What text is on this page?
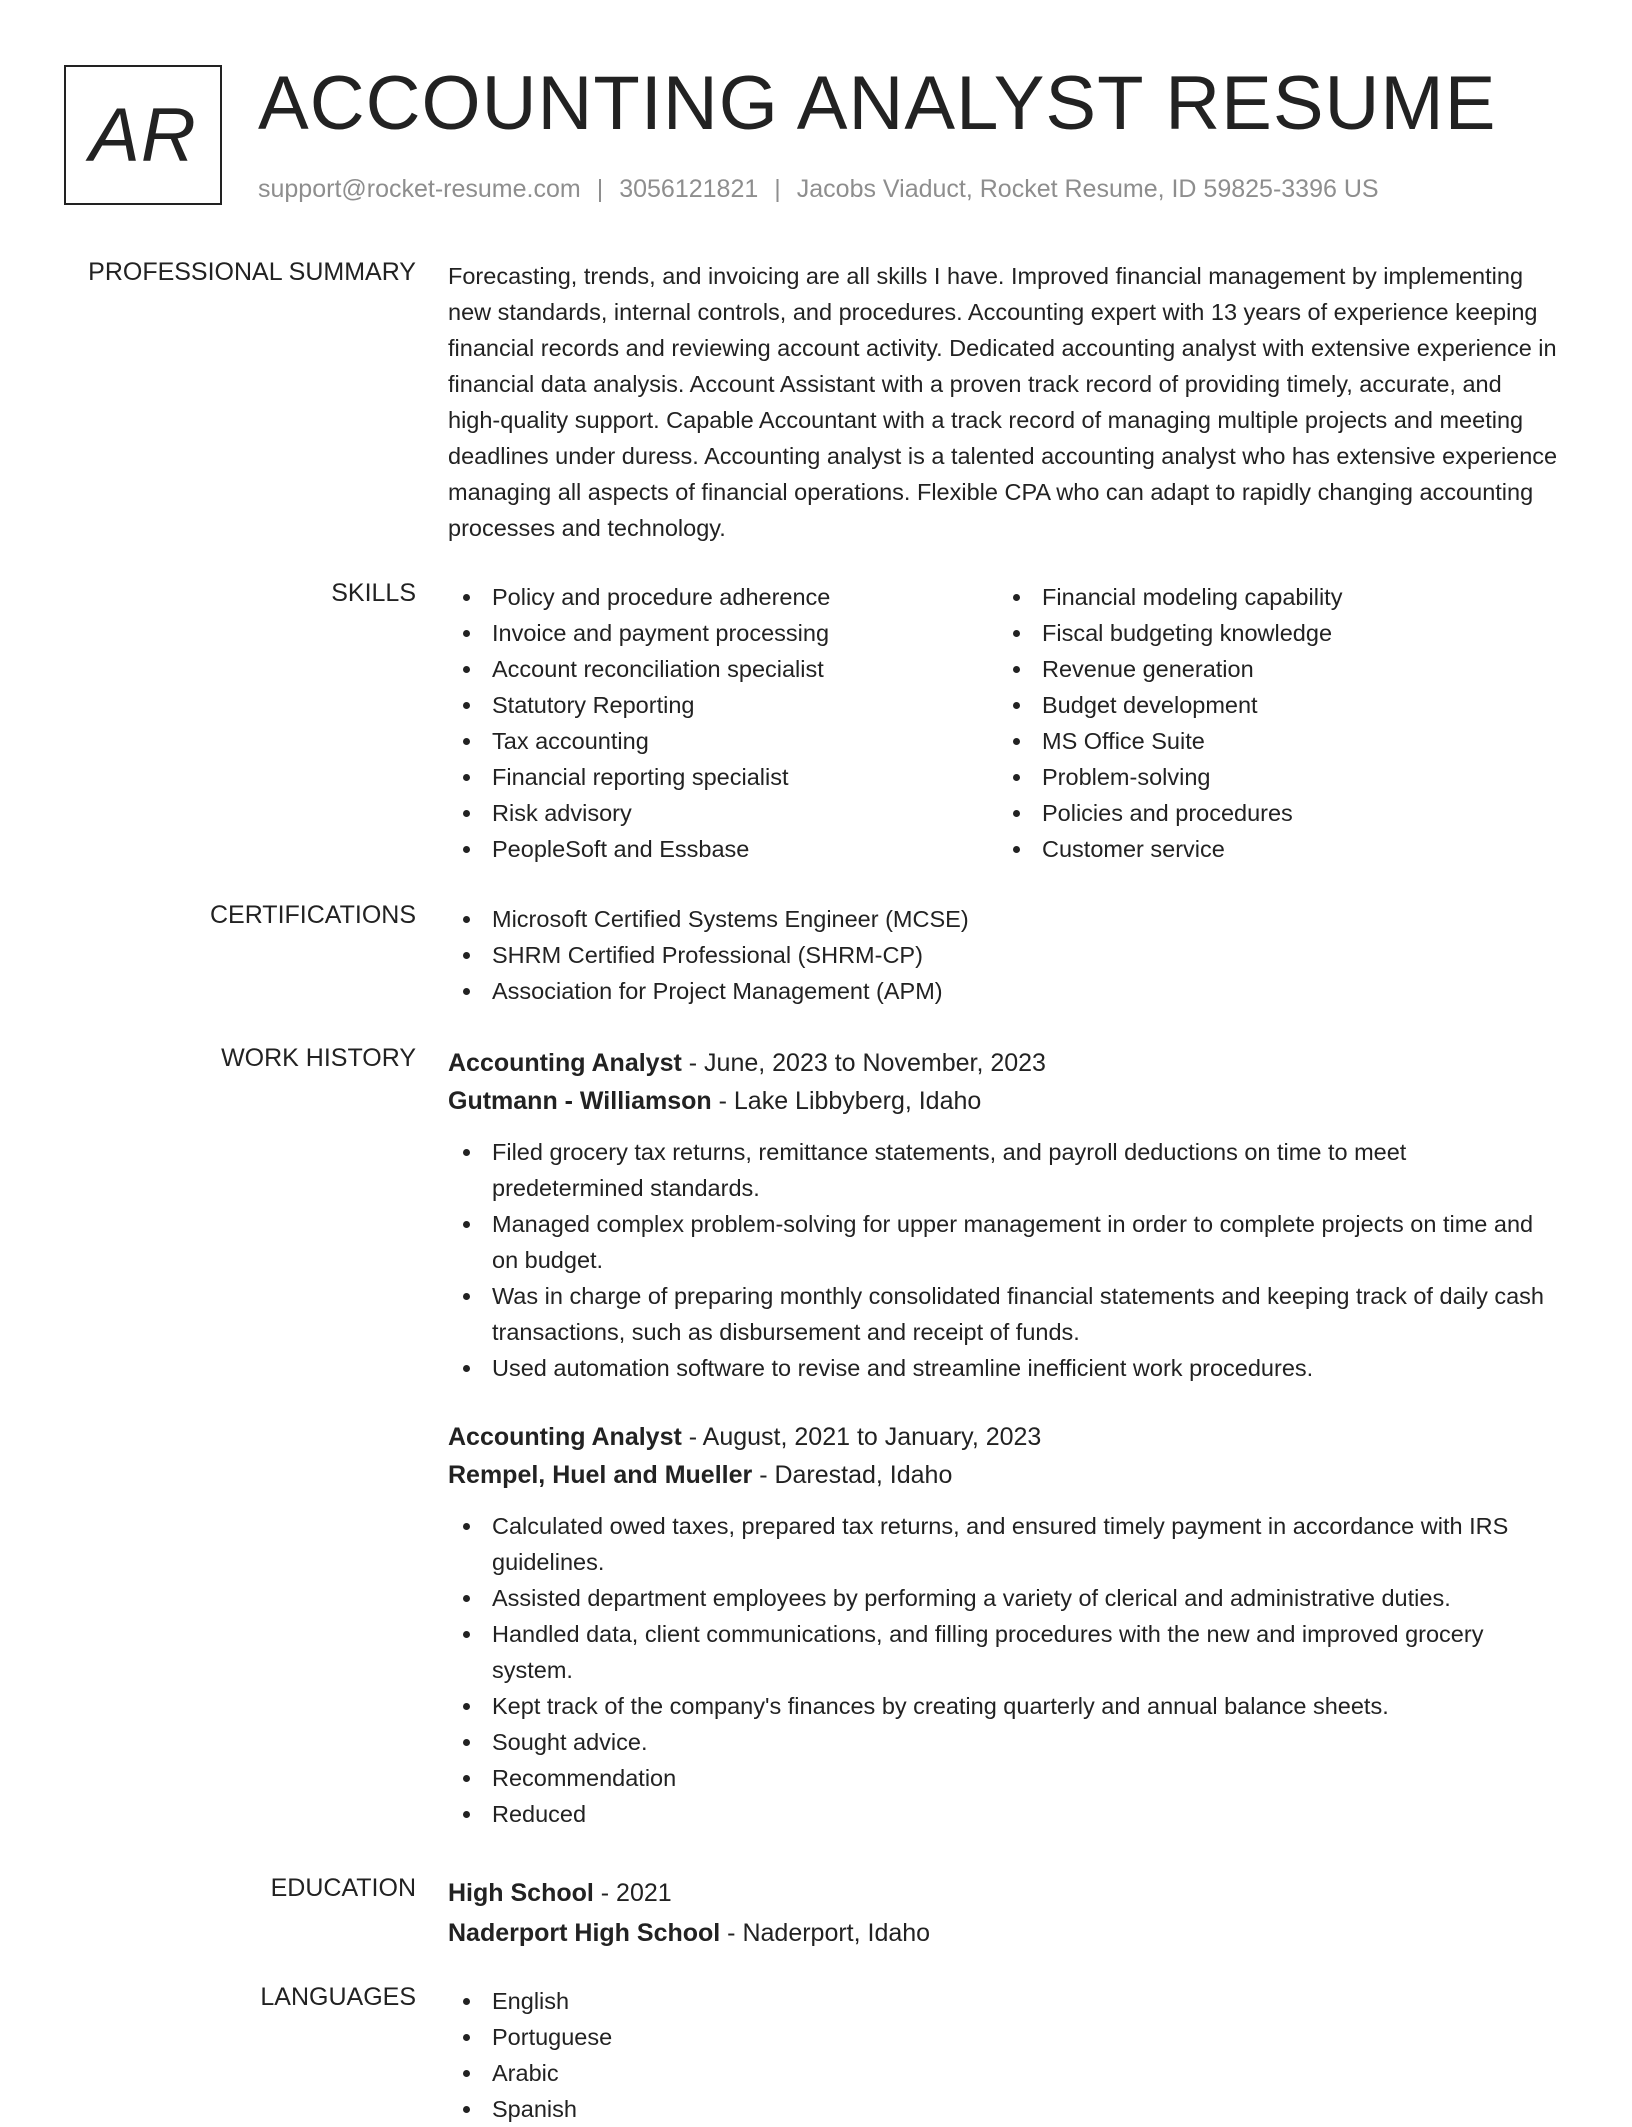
AR ACCOUNTING ANALYST RESUME
support@rocket-resume.com | 3056121821 | Jacobs Viaduct, Rocket Resume, ID 59825-3396 US
PROFESSIONAL SUMMARY Forecasting, trends, and invoicing are all skills I have. Improved financial management by implementing new standards, internal controls, and procedures. Accounting expert with 13 years of experience keeping financial records and reviewing account activity. Dedicated accounting analyst with extensive experience in financial data analysis. Account Assistant with a proven track record of providing timely, accurate, and high-quality support. Capable Accountant with a track record of managing multiple projects and meeting deadlines under duress. Accounting analyst is a talented accounting analyst who has extensive experience managing all aspects of financial operations. Flexible CPA who can adapt to rapidly changing accounting processes and technology.

SKILLS	Policy and procedure adherence
Invoice and payment processing
Account reconciliation specialist
Statutory Reporting
Tax accounting
Financial reporting specialist
Risk advisory
PeopleSoft and Essbase
Financial modeling capability
Fiscal budgeting knowledge
Revenue generation
Budget development
MS Office Suite
Problem-solving
Policies and procedures
Customer service
CERTIFICATIONS	Microsoft Certified Systems Engineer (MCSE)
SHRM Certified Professional (SHRM-CP)
Association for Project Management (APM)
WORK HISTORY Accounting Analyst - June, 2023 to November, 2023
Gutmann - Williamson - Lake Libbyberg, Idaho
Filed grocery tax returns, remittance statements, and payroll deductions on time to meet predetermined standards.
Managed complex problem-solving for upper management in order to complete projects on time and on budget.
Was in charge of preparing monthly consolidated financial statements and keeping track of daily cash transactions, such as disbursement and receipt of funds.
Used automation software to revise and streamline inefficient work procedures.
Accounting Analyst - August, 2021 to January, 2023
Rempel, Huel and Mueller - Darestad, Idaho
Calculated owed taxes, prepared tax returns, and ensured timely payment in accordance with IRS guidelines.
Assisted department employees by performing a variety of clerical and administrative duties.
Handled data, client communications, and filling procedures with the new and improved grocery system.
Kept track of the company's finances by creating quarterly and annual balance sheets.
Sought advice.
Recommendation
Reduced
EDUCATION High School - 2021
Naderport High School - Naderport, Idaho
LANGUAGES	English
Portuguese
Arabic
Spanish
